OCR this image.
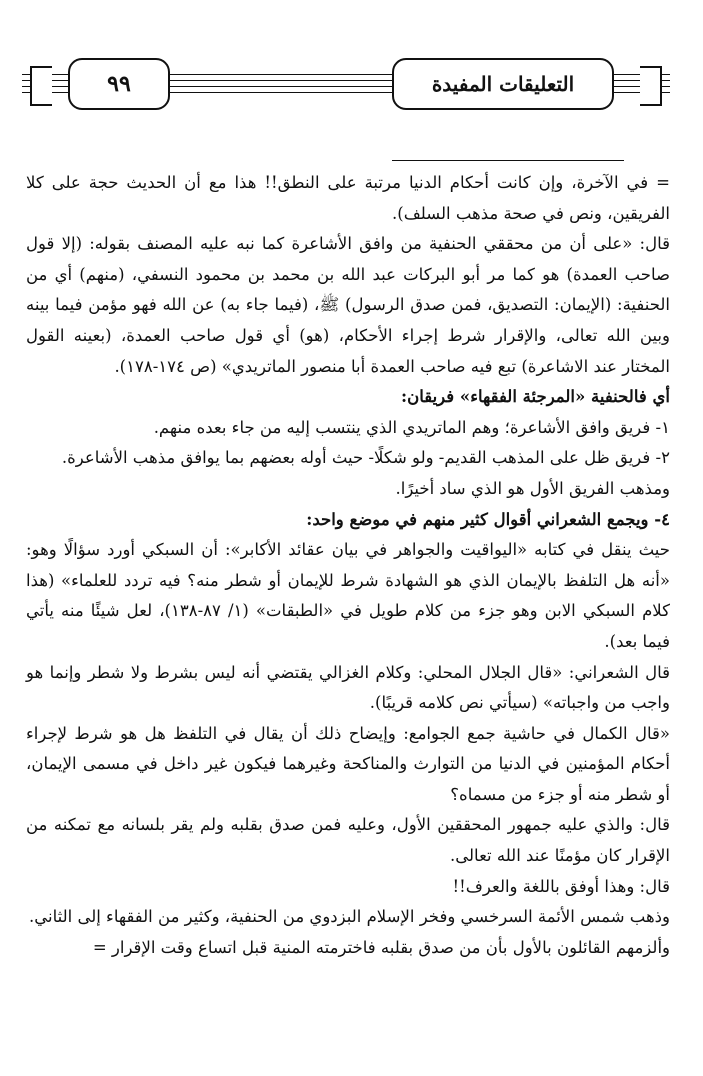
٩٩	التعليقات المفيدة

= في الآخرة، وإن كانت أحكام الدنيا مرتبة على النطق!! هذا مع أن الحديث حجة على كلا الفريقين، ونص في صحة مذهب السلف).

قال: «على أن من محققي الحنفية من وافق الأشاعرة كما نبه عليه المصنف بقوله: (إلا قول صاحب العمدة) هو كما مر أبو البركات عبد الله بن محمد بن محمود النسفي، (منهم) أي من الحنفية: (الإيمان: التصديق، فمن صدق الرسول) ﷺ، (فيما جاء به) عن الله فهو مؤمن فيما بينه وبين الله تعالى، والإقرار شرط إجراء الأحكام، (هو) أي قول صاحب العمدة، (بعينه القول المختار عند الاشاعرة) تبع فيه صاحب العمدة أبا منصور الماتريدي» (ص ١٧٤-١٧٨).

أي فالحنفية «المرجئة الفقهاء» فريقان:

١- فريق وافق الأشاعرة؛ وهم الماتريدي الذي ينتسب إليه من جاء بعده منهم.

٢- فريق ظل على المذهب القديم- ولو شكلًا- حيث أوله بعضهم بما يوافق مذهب الأشاعرة.

ومذهب الفريق الأول هو الذي ساد أخيرًا.

٤- ويجمع الشعراني أقوال كثير منهم في موضع واحد:

حيث ينقل في كتابه «اليواقيت والجواهر في بيان عقائد الأكابر»: أن السبكي أورد سؤالًا وهو: «أنه هل التلفظ بالإيمان الذي هو الشهادة شرط للإيمان أو شطر منه؟ فيه تردد للعلماء» (هذا كلام السبكي الابن وهو جزء من كلام طويل في «الطبقات» (١/ ٨٧-١٣٨)، لعل شيئًا منه يأتي فيما بعد).

قال الشعراني: «قال الجلال المحلي: وكلام الغزالي يقتضي أنه ليس بشرط ولا شطر وإنما هو واجب من واجباته» (سيأتي نص كلامه قريبًا).

«قال الكمال في حاشية جمع الجوامع: وإيضاح ذلك أن يقال في التلفظ هل هو شرط لإجراء أحكام المؤمنين في الدنيا من التوارث والمناكحة وغيرهما فيكون غير داخل في مسمى الإيمان، أو شطر منه أو جزء من مسماه؟

قال: والذي عليه جمهور المحققين الأول، وعليه فمن صدق بقلبه ولم يقر بلسانه مع تمكنه من الإقرار كان مؤمنًا عند الله تعالى.

قال: وهذا أوفق باللغة والعرف!!

وذهب شمس الأئمة السرخسي وفخر الإسلام البزدوي من الحنفية، وكثير من الفقهاء إلى الثاني.

وألزمهم القائلون بالأول بأن من صدق بقلبه فاخترمته المنية قبل اتساع وقت الإقرار =
